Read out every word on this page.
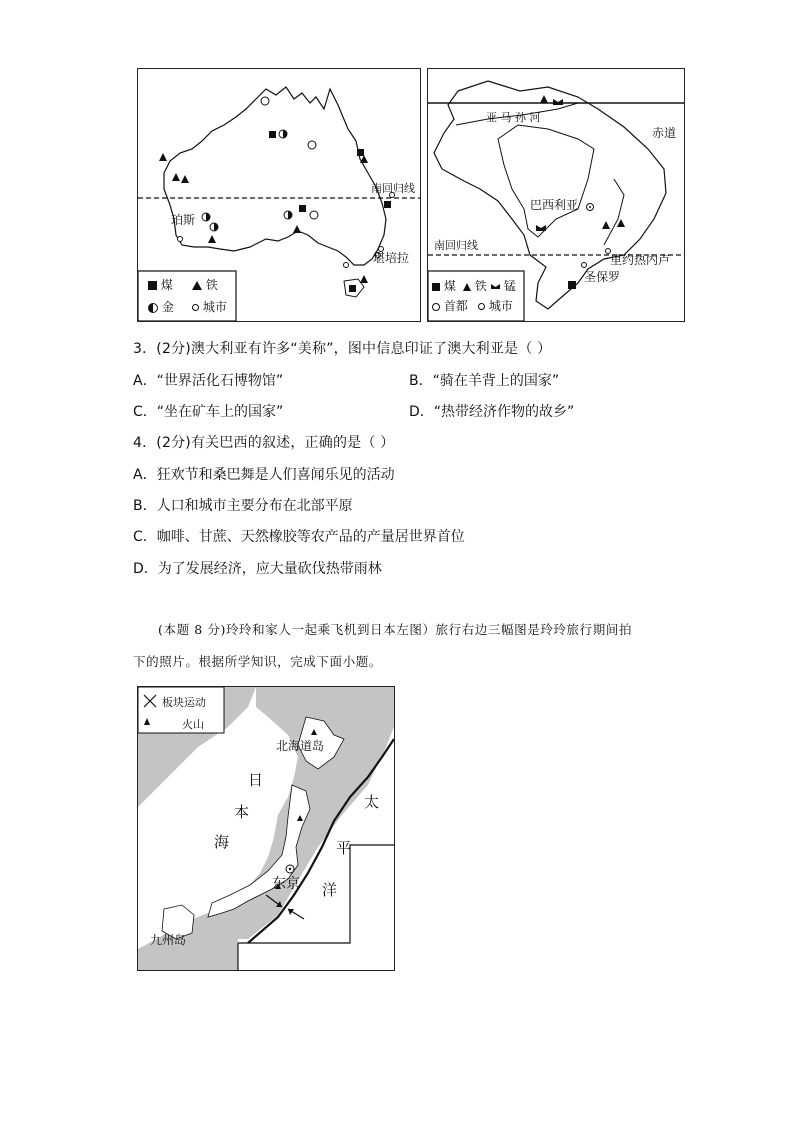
南回归线
珀斯
堪培拉
煤	铁
金	城市
赤道
亚 马 孙 河
巴西利亚
南回归线
里约热内卢
圣保罗
煤	铁	锰
首都	城市
3．(2分)澳大利亚有许多“美称”，图中信息印证了澳大利亚是（ ）
A．“世界活化石博物馆”	B．“骑在羊背上的国家”
C．“坐在矿车上的国家”	D．“热带经济作物的故乡”
4．(2分)有关巴西的叙述，正确的是（ ）
A．狂欢节和桑巴舞是人们喜闻乐见的活动
B．人口和城市主要分布在北部平原
C．咖啡、甘蔗、天然橡胶等农产品的产量居世界首位
D．为了发展经济，应大量砍伐热带雨林
(本题 8 分)玲玲和家人一起乘飞机到日本左图）旅行右边三幅图是玲玲旅行期间拍
下的照片。根据所学知识，完成下面小题。
板块运动
火山
北海道岛
日
本
海
东京
九州岛
太
平
洋
